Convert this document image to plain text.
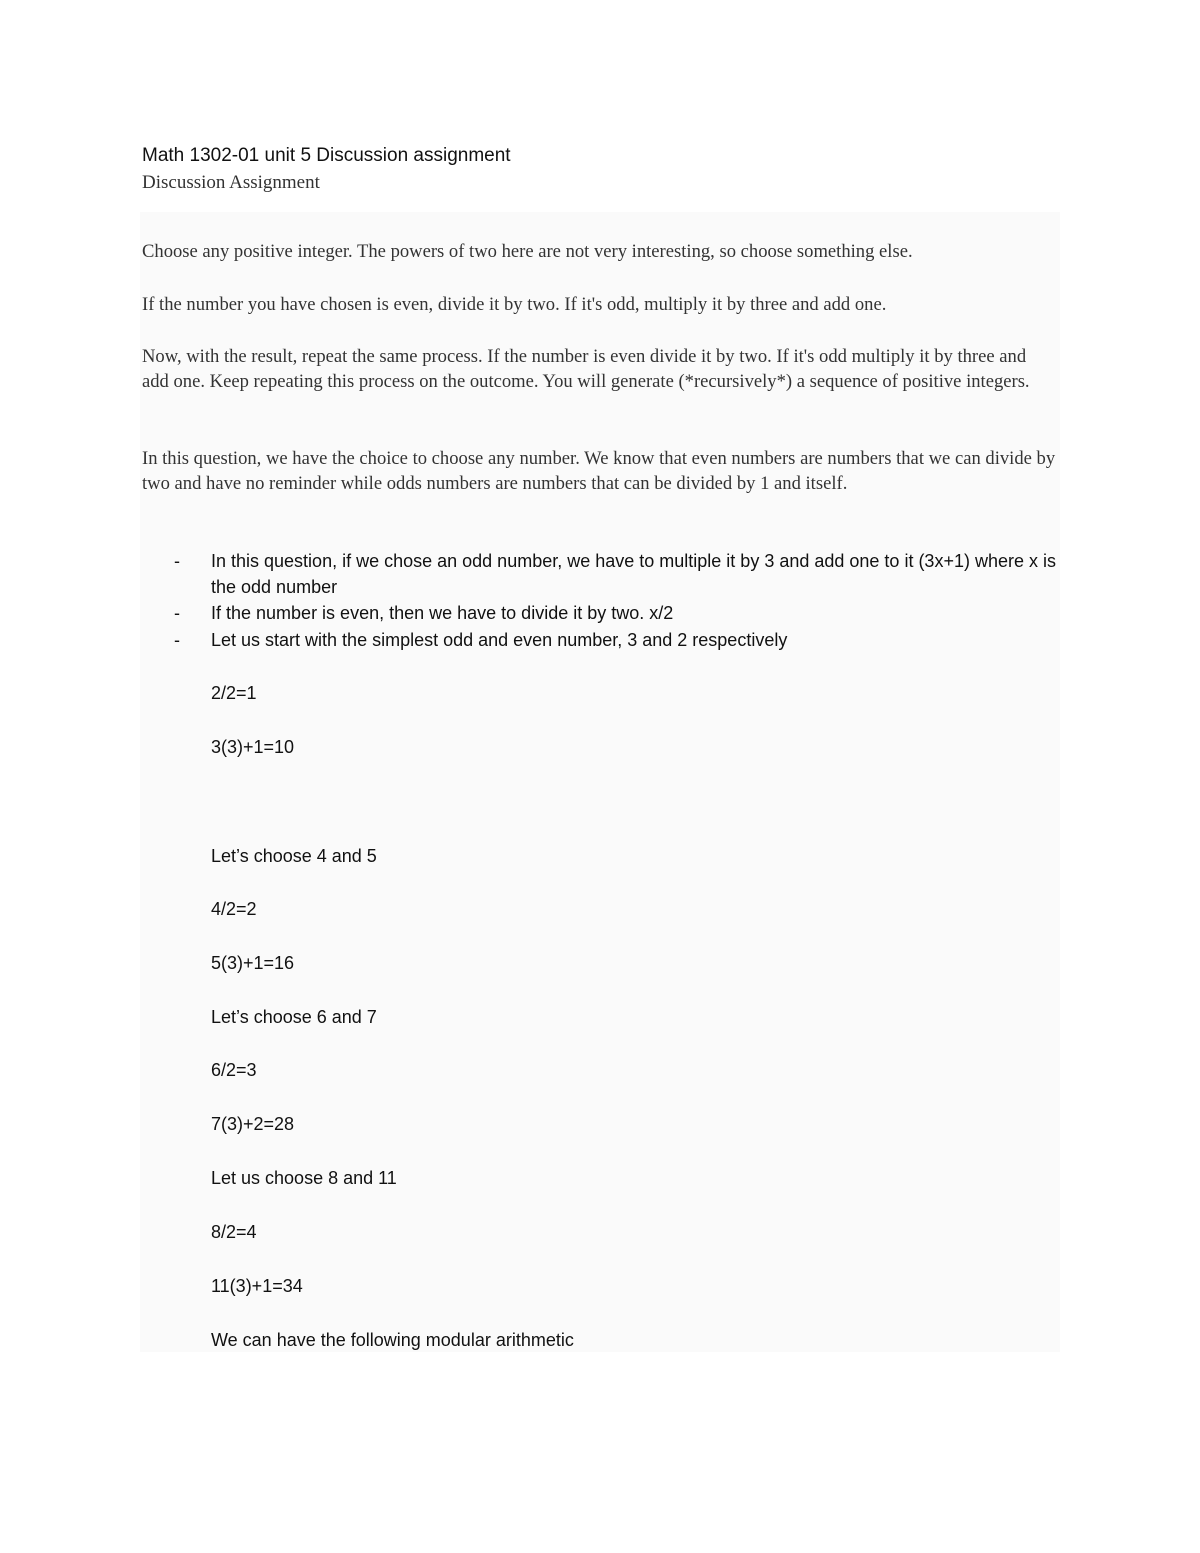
Math 1302-01 unit 5 Discussion assignment
Discussion Assignment

Choose any positive integer. The powers of two here are not very interesting, so choose something else.

If the number you have chosen is even, divide it by two. If it's odd, multiply it by three and add one.

Now, with the result, repeat the same process. If the number is even divide it by two. If it's odd multiply it by three and add one. Keep repeating this process on the outcome. You will generate (*recursively*) a sequence of positive integers.

In this question, we have the choice to choose any number. We know that even numbers are numbers that we can divide by two and have no reminder while odds numbers are numbers that can be divided by 1 and itself.

-	In this question, if we chose an odd number, we have to multiple it by 3 and add one to it (3x+1) where x is the odd number
-	If the number is even, then we have to divide it by two. x/2
-	Let us start with the simplest odd and even number, 3 and 2 respectively
2/2=1
3(3)+1=10
Let’s choose 4 and 5
4/2=2
5(3)+1=16
Let’s choose 6 and 7
6/2=3
7(3)+2=28
Let us choose 8 and 11
8/2=4
11(3)+1=34
We can have the following modular arithmetic
